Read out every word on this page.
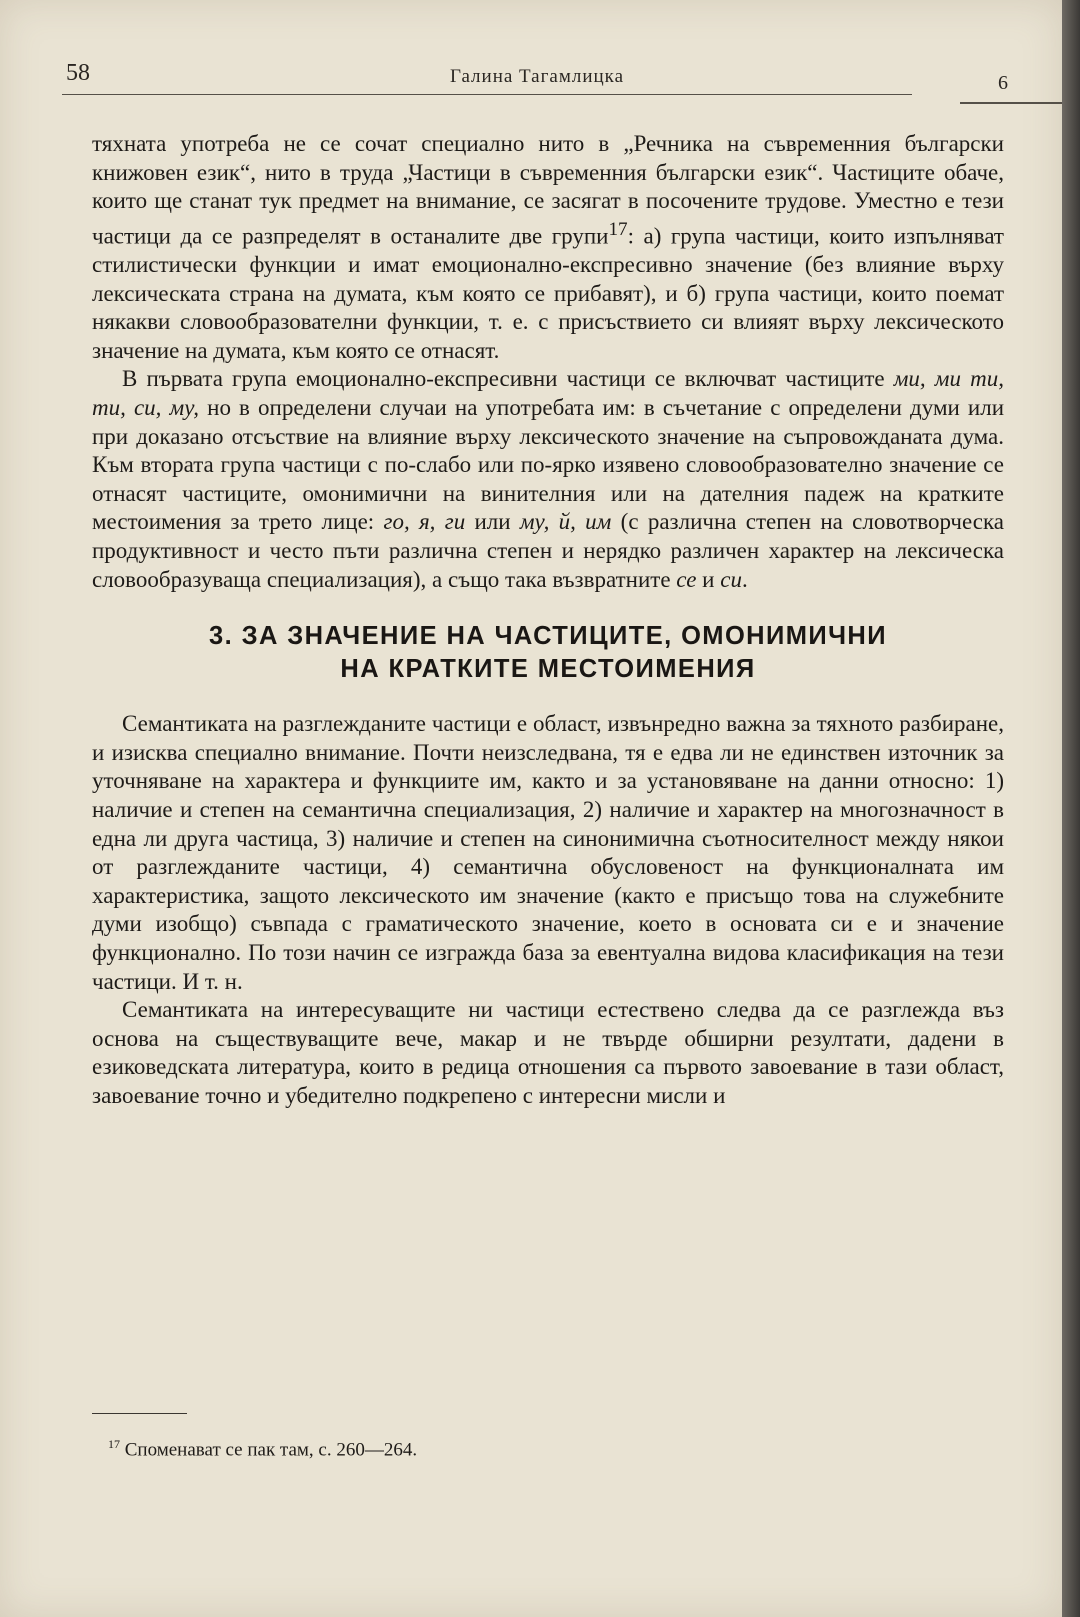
58	Галина Тагамлицка	6

тяхната употреба не се сочат специално нито в „Речника на съвременния български книжовен език“, нито в труда „Частици в съвременния български език“. Частиците обаче, които ще станат тук предмет на внимание, се засягат в посочените трудове. Уместно е тези частици да се разпределят в останалите две групи$^{17}$: а) група частици, които изпълняват стилистически функции и имат емоционално-експресивно значение (без влияние върху лексическата страна на думата, към която се прибавят), и б) група частици, които поемат някакви словообразователни функции, т. е. с присъствието си влияят върху лексическото значение на думата, към която се отнасят.

В първата група емоционално-експресивни частици се включват частиците ми, ми ти, ти, си, му, но в определени случаи на употребата им: в съчетание с определени думи или при доказано отсъствие на влияние върху лексическото значение на съпровожданата дума. Към втората група частици с по-слабо или по-ярко изявено словообразователно значение се отнасят частиците, омонимични на винителния или на дателния падеж на кратките местоимения за трето лице: го, я, ги или му, й, им (с различна степен на словотворческа продуктивност и често пъти различна степен и нерядко различен характер на лексическа словообразуваща специализация), а също така възвратните се и си.

3. ЗА ЗНАЧЕНИЕ НА ЧАСТИЦИТЕ, ОМОНИМИЧНИ
НА КРАТКИТЕ МЕСТОИМЕНИЯ

Семантиката на разглежданите частици е област, извънредно важна за тяхното разбиране, и изисква специално внимание. Почти неизследвана, тя е едва ли не единствен източник за уточняване на характера и функциите им, както и за установяване на данни относно: 1) наличие и степен на семантична специализация, 2) наличие и характер на многозначност в една ли друга частица, 3) наличие и степен на синонимична съотносителност между някои от разглежданите частици, 4) семантична обусловеност на функционалната им характеристика, защото лексическото им значение (както е присъщо това на служебните думи изобщо) съвпада с граматическото значение, което в основата си е и значение функционално. По този начин се изгражда база за евентуална видова класификация на тези частици. И т. н.

Семантиката на интересуващите ни частици естествено следва да се разглежда въз основа на съществуващите вече, макар и не твърде обширни резултати, дадени в езиковедската литература, които в редица отношения са първото завоевание в тази област, завоевание точно и убедително подкрепено с интересни мисли и

$^{17}$ Споменават се пак там, с. 260—264.
